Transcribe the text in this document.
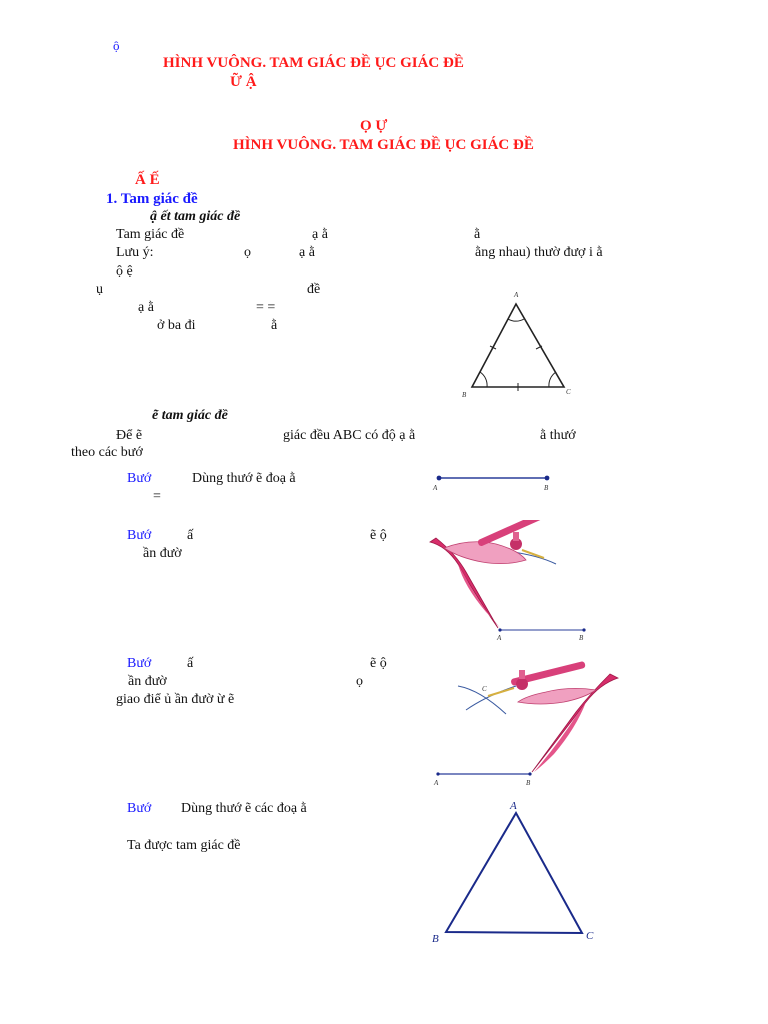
ộ
HÌNH VUÔNG. TAM GIÁC ĐỀ ỤC GIÁC ĐỀ
Ữ Ậ
Ọ Ự
HÌNH VUÔNG. TAM GIÁC ĐỀ ỤC GIÁC ĐỀ
Ấ Ế
1. Tam giác đề
ậ ết tam giác đề
Tam giác đề	ạ ằ	ằ
Lưu ý:	ọ	ạ ằ	ằng nhau) thườ đượ i ằ
ộ ệ
ụ	đề
ạ ằ	= =
ở ba đi	ằ
A
B	C
ẽ tam giác đề
Để ẽ	giác đều ABC có độ ạ ằ	ằ thướ
theo các bướ
Bướ	Dùng thướ ẽ đoạ ằ
=
A	B
Bướ	ấ	ẽ ộ
ần đườ
A	B
Bướ	ấ	ẽ ộ
ần đườ	ọ
giao điể ủ ần đườ ừ ẽ
C
A	B
Bướ Dùng thướ ẽ các đoạ ằ
Ta được tam giác đề
A
B	C
